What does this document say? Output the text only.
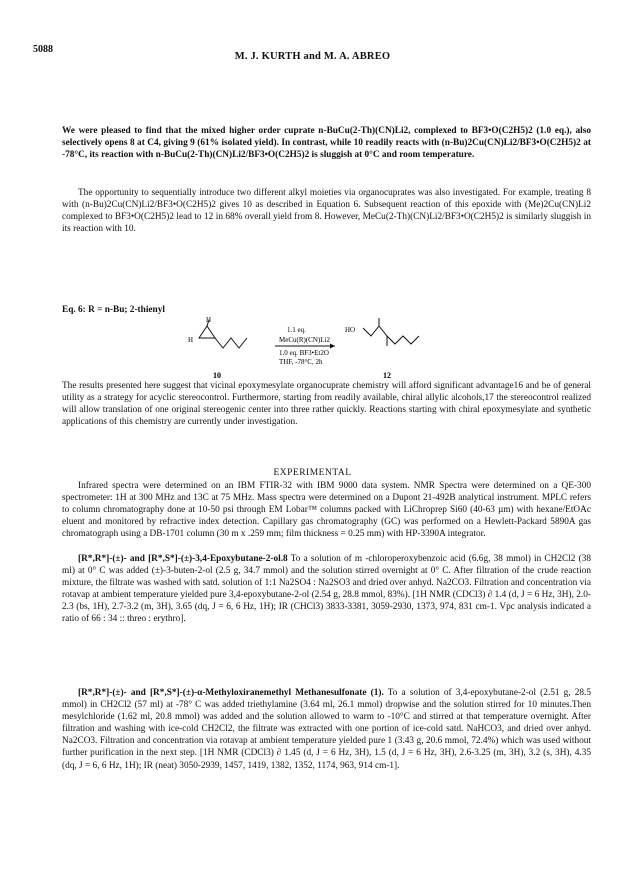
5088
M. J. KURTH and M. A. ABREO
We were pleased to find that the mixed higher order cuprate n-BuCu(2-Th)(CN)Li2, complexed to BF3•O(C2H5)2 (1.0 eq.), also selectively opens 8 at C4, giving 9 (61% isolated yield). In contrast, while 10 readily reacts with (n-Bu)2Cu(CN)Li2/BF3•O(C2H5)2 at -78°C, its reaction with n-BuCu(2-Th)(CN)Li2/BF3•O(C2H5)2 is sluggish at 0°C and room temperature.
The opportunity to sequentially introduce two different alkyl moieties via organocuprates was also investigated. For example, treating 8 with (n-Bu)2Cu(CN)Li2/BF3•O(C2H5)2 gives 10 as described in Equation 6. Subsequent reaction of this epoxide with (Me)2Cu(CN)Li2 complexed to BF3•O(C2H5)2 lead to 12 in 68% overall yield from 8. However, MeCu(2-Th)(CN)Li2/BF3•O(C2H5)2 is similarly sluggish in its reaction with 10.
Eq. 6: R = n-Bu; 2-thienyl
H
H
10
1.1 eq.
MeCu(R)(CN)Li2
1.0 eq. BF3•Et2O
THF, -78°C, 2h
HO
12
The results presented here suggest that vicinal epoxymesylate organocuprate chemistry will afford significant advantage16 and be of general utility as a strategy for acyclic stereocontrol. Furthermore, starting from readily available, chiral allylic alcohols,17 the stereocontrol realized will allow translation of one original stereogenic center into three rather quickly. Reactions starting with chiral epoxymesylate and synthetic applications of this chemistry are currently under investigation.
EXPERIMENTAL
Infrared spectra were determined on an IBM FTIR-32 with IBM 9000 data system. NMR Spectra were determined on a QE-300 spectrometer: 1H at 300 MHz and 13C at 75 MHz. Mass spectra were determined on a Dupont 21-492B analytical instrument. MPLC refers to column chromatography done at 10-50 psi through EM Lobar™ columns packed with LiChroprep Si60 (40-63 µm) with hexane/EtOAc eluent and monitored by refractive index detection. Capillary gas chromatography (GC) was performed on a Hewlett-Packard 5890A gas chromatograph using a DB-1701 column (30 m x .259 mm; film thickness = 0.25 mm) with HP-3390A integrator.
[R*,R*]-(±)- and [R*,S*]-(±)-3,4-Epoxybutane-2-ol.8 To a solution of m -chloroperoxybenzoic acid (6.6g, 38 mmol) in CH2Cl2 (38 ml) at 0° C was added (±)-3-buten-2-ol (2.5 g, 34.7 mmol) and the solution stirred overnight at 0° C. After filtration of the crude reaction mixture, the filtrate was washed with satd. solution of 1:1 Na2SO4 : Na2SO3 and dried over anhyd. Na2CO3. Filtration and concentration via rotavap at ambient temperature yielded pure 3,4-epoxybutane-2-ol (2.54 g, 28.8 mmol, 83%). [1H NMR (CDCl3) ∂ 1.4 (d, J = 6 Hz, 3H), 2.0-2.3 (bs, 1H), 2.7-3.2 (m, 3H), 3.65 (dq, J = 6, 6 Hz, 1H); IR (CHCl3) 3833-3381, 3059-2930, 1373, 974, 831 cm-1. Vpc analysis indicated a ratio of 66 : 34 :: threo : erythro].
[R*,R*]-(±)- and [R*,S*]-(±)-α-Methyloxiranemethyl Methanesulfonate (1). To a solution of 3,4-epoxybutane-2-ol (2.51 g, 28.5 mmol) in CH2Cl2 (57 ml) at -78° C was added triethylamine (3.64 ml, 26.1 mmol) dropwise and the solution stirred for 10 minutes.Then mesylchloride (1.62 ml, 20.8 mmol) was added and the solution allowed to warm to -10°C and stirred at that temperature overnight. After filtration and washing with ice-cold CH2Cl2, the filtrate was extracted with one portion of ice-cold satd. NaHCO3, and dried over anhyd. Na2CO3. Filtration and concentration via rotavap at ambient temperature yielded pure 1 (3.43 g, 20.6 mmol, 72.4%) which was used without further purification in the next step. [1H NMR (CDCl3) ∂ 1.45 (d, J = 6 Hz, 3H), 1.5 (d, J = 6 Hz, 3H), 2.6-3.25 (m, 3H), 3.2 (s, 3H), 4.35 (dq, J = 6, 6 Hz, 1H); IR (neat) 3050-2939, 1457, 1419, 1382, 1352, 1174, 963, 914 cm-1].
